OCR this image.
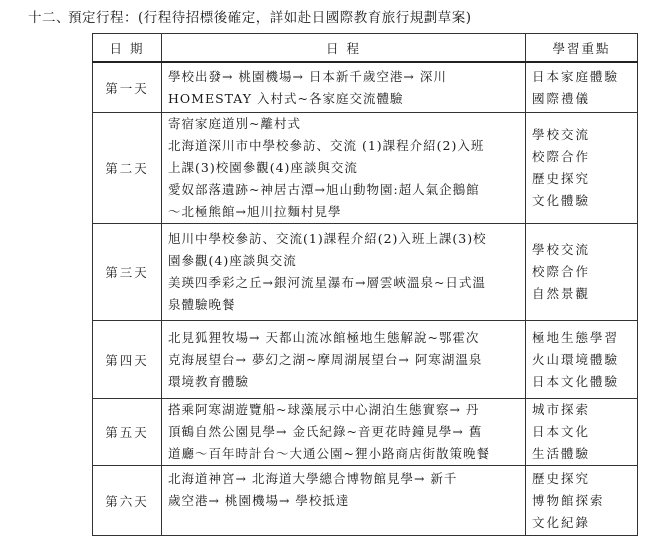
十二、預定行程：(行程待招標後確定，詳如赴日國際教育旅行規劃草案)
日 期	日 程	學習重點
第一天	學校出發→ 桃園機場→ 日本新千歲空港→ 深川
HOMESTAY 入村式~各家庭交流體驗	日本家庭體驗
國際禮儀

第二天	寄宿家庭道別~離村式
北海道深川市中學校參訪、交流 (1)課程介紹(2)入班
上課(3)校園參觀(4)座談與交流
愛奴部落遺跡~神居古潭→旭山動物園:超人氣企鵝館
～北極熊館→旭川拉麵村見學	學校交流
校際合作
歷史探究
文化體驗

第三天	旭川中學校參訪、交流(1)課程介紹(2)入班上課(3)校
園參觀(4)座談與交流
美瑛四季彩之丘→銀河流星瀑布→層雲峽溫泉~日式溫
泉體驗晚餐	學校交流
校際合作
自然景觀

第四天	北見狐狸牧場→ 天都山流冰館極地生態解說~鄂霍次
克海展望台→ 夢幻之湖~摩周湖展望台→ 阿寒湖溫泉
環境教育體驗	極地生態學習
火山環境體驗
日本文化體驗

第五天	搭乘阿寒湖遊覽船~球藻展示中心湖泊生態實察→ 丹
頂鶴自然公園見學→ 金氏紀錄~音更花時鐘見學→ 舊
道廳～百年時計台～大通公園~狸小路商店街散策晚餐	城市探索
日本文化
生活體驗

第六天	北海道神宮→ 北海道大學總合博物館見學→ 新千
歲空港→ 桃園機場→ 學校抵達	歷史探究
博物館探索
文化紀錄
